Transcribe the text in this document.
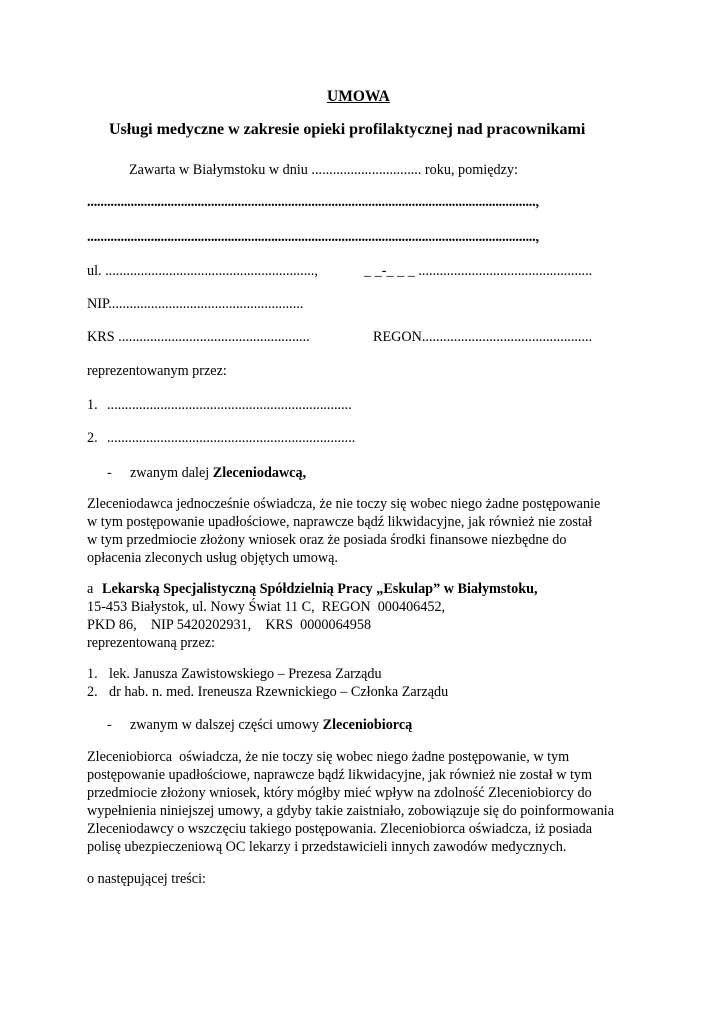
UMOWA
Usługi medyczne w zakresie opieki profilaktycznej nad pracownikami
Zawarta w Białymstoku w dniu ............................... roku, pomiędzy:
......................................................................................................................................,
......................................................................................................................................,
ul. ...........................................................,	_ _-_ _ _ .................................................
NIP.......................................................
KRS ......................................................	REGON................................................
reprezentowanym przez:
1. .....................................................................
2. ......................................................................
- zwanym dalej Zleceniodawcą,
Zleceniodawca jednocześnie oświadcza, że nie toczy się wobec niego żadne postępowanie
w tym postępowanie upadłościowe, naprawcze bądź likwidacyjne, jak również nie został
w tym przedmiocie złożony wniosek oraz że posiada środki finansowe niezbędne do
opłacenia zleconych usług objętych umową.
a Lekarską Specjalistyczną Spółdzielnią Pracy „Eskulap” w Białymstoku,
15-453 Białystok, ul. Nowy Świat 11 C,  REGON  000406452,
PKD 86,    NIP 5420202931,    KRS  0000064958
reprezentowaną przez:
1. lek. Janusza Zawistowskiego – Prezesa Zarządu
2. dr hab. n. med. Ireneusza Rzewnickiego – Członka Zarządu
- zwanym w dalszej części umowy Zleceniobiorcą
Zleceniobiorca  oświadcza, że nie toczy się wobec niego żadne postępowanie, w tym
postępowanie upadłościowe, naprawcze bądź likwidacyjne, jak również nie został w tym
przedmiocie złożony wniosek, który mógłby mieć wpływ na zdolność Zleceniobiorcy do
wypełnienia niniejszej umowy, a gdyby takie zaistniało, zobowiązuje się do poinformowania
Zleceniodawcy o wszczęciu takiego postępowania. Zleceniobiorca oświadcza, iż posiada
polisę ubezpieczeniową OC lekarzy i przedstawicieli innych zawodów medycznych.
o następującej treści:
